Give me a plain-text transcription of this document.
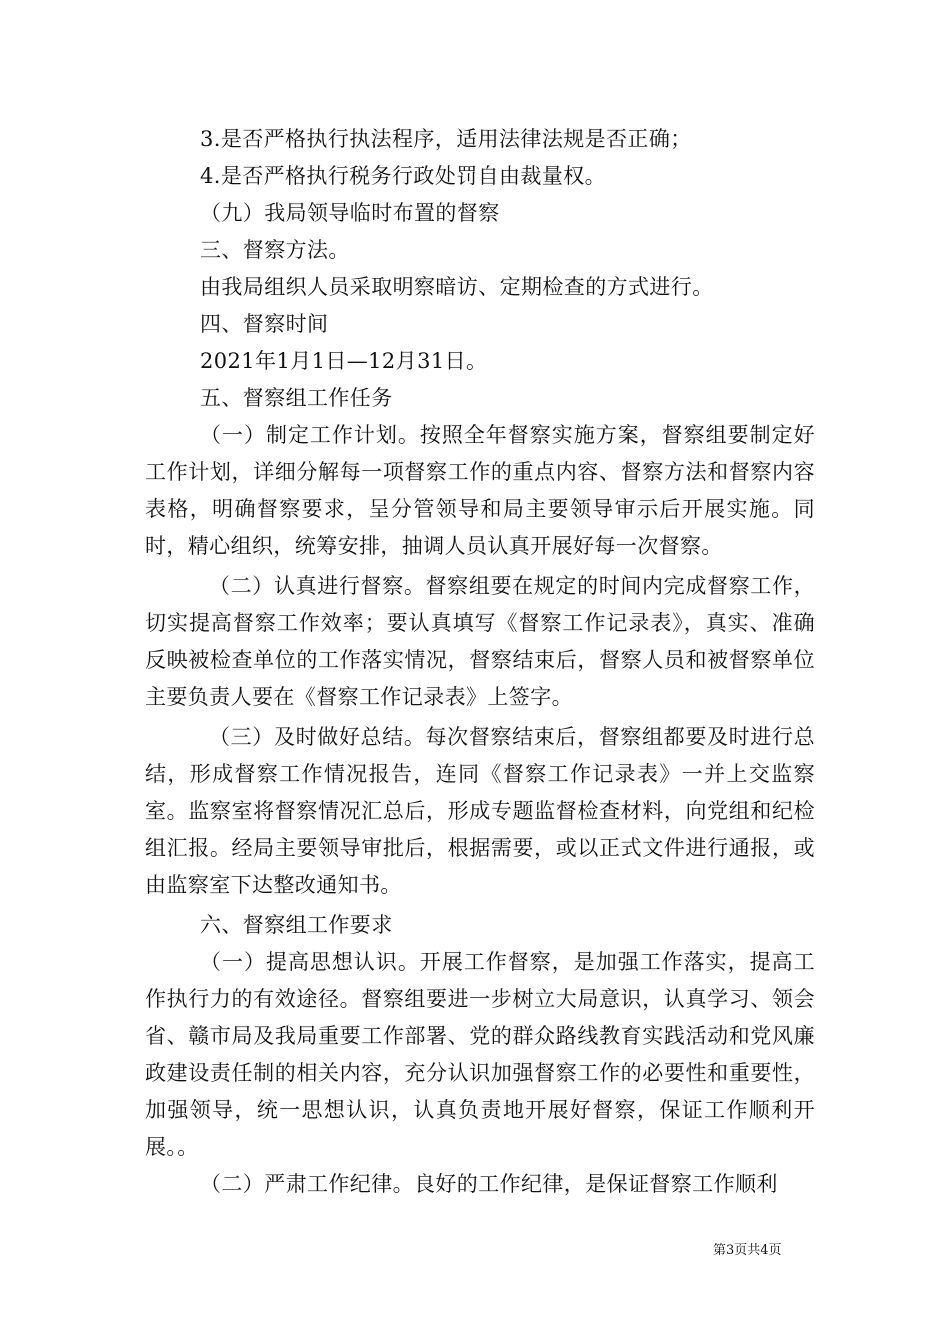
3.是否严格执行执法程序，适用法律法规是否正确；
4.是否严格执行税务行政处罚自由裁量权。
（九）我局领导临时布置的督察
三、督察方法。
由我局组织人员采取明察暗访、定期检查的方式进行。
四、督察时间
2021年1月1日—12月31日。
五、督察组工作任务

（一）制定工作计划。按照全年督察实施方案，督察组要制定好工作计划，详细分解每一项督察工作的重点内容、督察方法和督察内容表格，明确督察要求，呈分管领导和局主要领导审示后开展实施。同时，精心组织，统筹安排，抽调人员认真开展好每一次督察。

（二）认真进行督察。督察组要在规定的时间内完成督察工作，切实提高督察工作效率；要认真填写《督察工作记录表》，真实、准确反映被检查单位的工作落实情况，督察结束后，督察人员和被督察单位主要负责人要在《督察工作记录表》上签字。

（三）及时做好总结。每次督察结束后，督察组都要及时进行总结，形成督察工作情况报告，连同《督察工作记录表》一并上交监察室。监察室将督察情况汇总后，形成专题监督检查材料，向党组和纪检组汇报。经局主要领导审批后，根据需要，或以正式文件进行通报，或由监察室下达整改通知书。

六、督察组工作要求

（一）提高思想认识。开展工作督察，是加强工作落实，提高工作执行力的有效途径。督察组要进一步树立大局意识，认真学习、领会省、赣市局及我局重要工作部署、党的群众路线教育实践活动和党风廉政建设责任制的相关内容，充分认识加强督察工作的必要性和重要性，加强领导，统一思想认识，认真负责地开展好督察，保证工作顺利开展。。

（二）严肃工作纪律。良好的工作纪律，是保证督察工作顺利

第3页共4页
